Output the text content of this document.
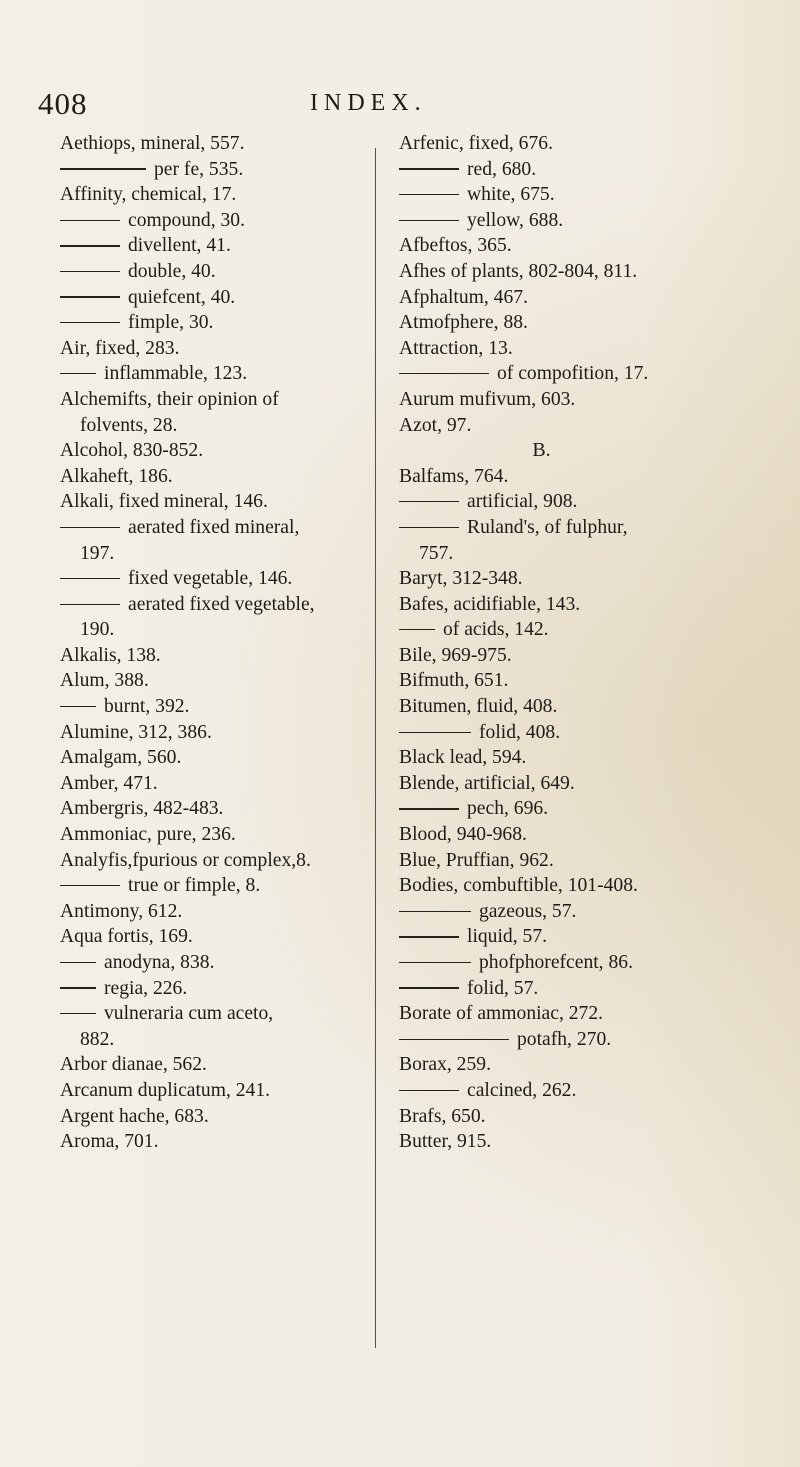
408	INDEX.
Aethiops, mineral, 557.
per fe, 535.
Affinity, chemical, 17.
compound, 30.
divellent, 41.
double, 40.
quiefcent, 40.
fimple, 30.
Air, fixed, 283.
inflammable, 123.
Alchemifts, their opinion of
folvents, 28.
Alcohol, 830-852.
Alkaheft, 186.
Alkali, fixed mineral, 146.
aerated fixed mineral,
197.
fixed vegetable, 146.
aerated fixed vegetable,
190.
Alkalis, 138.
Alum, 388.
burnt, 392.
Alumine, 312, 386.
Amalgam, 560.
Amber, 471.
Ambergris, 482-483.
Ammoniac, pure, 236.
Analyfis,fpurious or complex,8.
true or fimple, 8.
Antimony, 612.
Aqua fortis, 169.
anodyna, 838.
regia, 226.
vulneraria cum aceto,
882.
Arbor dianae, 562.
Arcanum duplicatum, 241.
Argent hache, 683.
Aroma, 701.
Arfenic, fixed, 676.
red, 680.
white, 675.
yellow, 688.
Afbeftos, 365.
Afhes of plants, 802-804, 811.
Afphaltum, 467.
Atmofphere, 88.
Attraction, 13.
of compofition, 17.
Aurum mufivum, 603.
Azot, 97.
B.
Balfams, 764.
artificial, 908.
Ruland's, of fulphur,
757.
Baryt, 312-348.
Bafes, acidifiable, 143.
of acids, 142.
Bile, 969-975.
Bifmuth, 651.
Bitumen, fluid, 408.
folid, 408.
Black lead, 594.
Blende, artificial, 649.
pech, 696.
Blood, 940-968.
Blue, Pruffian, 962.
Bodies, combuftible, 101-408.
gazeous, 57.
liquid, 57.
phofphorefcent, 86.
folid, 57.
Borate of ammoniac, 272.
potafh, 270.
Borax, 259.
calcined, 262.
Brafs, 650.
Butter, 915.
